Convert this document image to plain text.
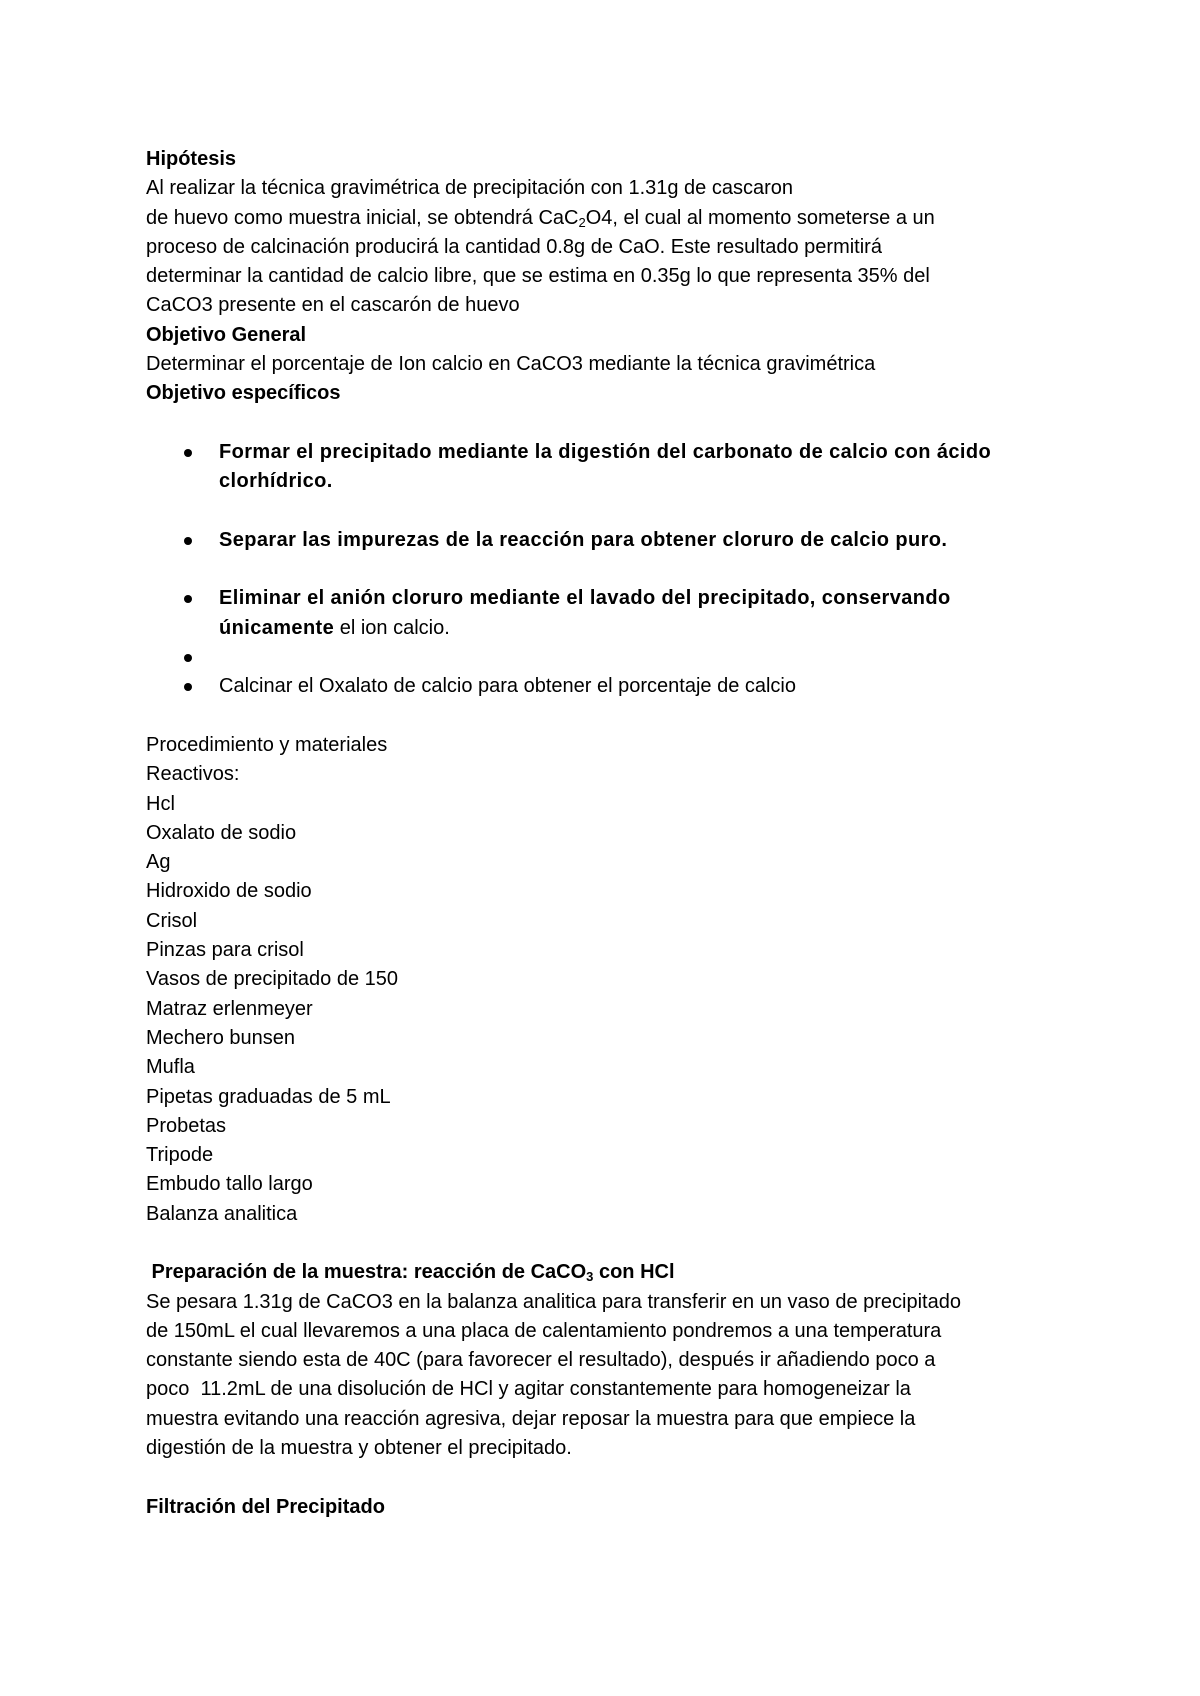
Hipótesis
Al realizar la técnica gravimétrica de precipitación con 1.31g de cascaron
de huevo como muestra inicial, se obtendrá CaC$_2$O4, el cual al momento someterse a un
proceso de calcinación producirá la cantidad 0.8g de CaO. Este resultado permitirá
determinar la cantidad de calcio libre, que se estima en 0.35g lo que representa 35% del
CaCO3 presente en el cascarón de huevo
Objetivo General
Determinar el porcentaje de Ion calcio en CaCO3 mediante la técnica gravimétrica
Objetivo específicos
Formar el precipitado mediante la digestión del carbonato de calcio con ácido
clorhídrico.
Separar las impurezas de la reacción para obtener cloruro de calcio puro.
Eliminar el anión cloruro mediante el lavado del precipitado, conservando
únicamente el ion calcio.
Calcinar el Oxalato de calcio para obtener el porcentaje de calcio
Procedimiento y materiales
Reactivos:
Hcl
Oxalato de sodio
Ag
Hidroxido de sodio
Crisol
Pinzas para crisol
Vasos de precipitado de 150
Matraz erlenmeyer
Mechero bunsen
Mufla
Pipetas graduadas de 5 mL
Probetas
Tripode
Embudo tallo largo
Balanza analitica
Preparación de la muestra: reacción de CaCO$_3$ con HCl
Se pesara 1.31g de CaCO3 en la balanza analitica para transferir en un vaso de precipitado
de 150mL el cual llevaremos a una placa de calentamiento pondremos a una temperatura
constante siendo esta de 40C (para favorecer el resultado), después ir añadiendo poco a
poco  11.2mL de una disolución de HCl y agitar constantemente para homogeneizar la
muestra evitando una reacción agresiva, dejar reposar la muestra para que empiece la
digestión de la muestra y obtener el precipitado.
Filtración del Precipitado
